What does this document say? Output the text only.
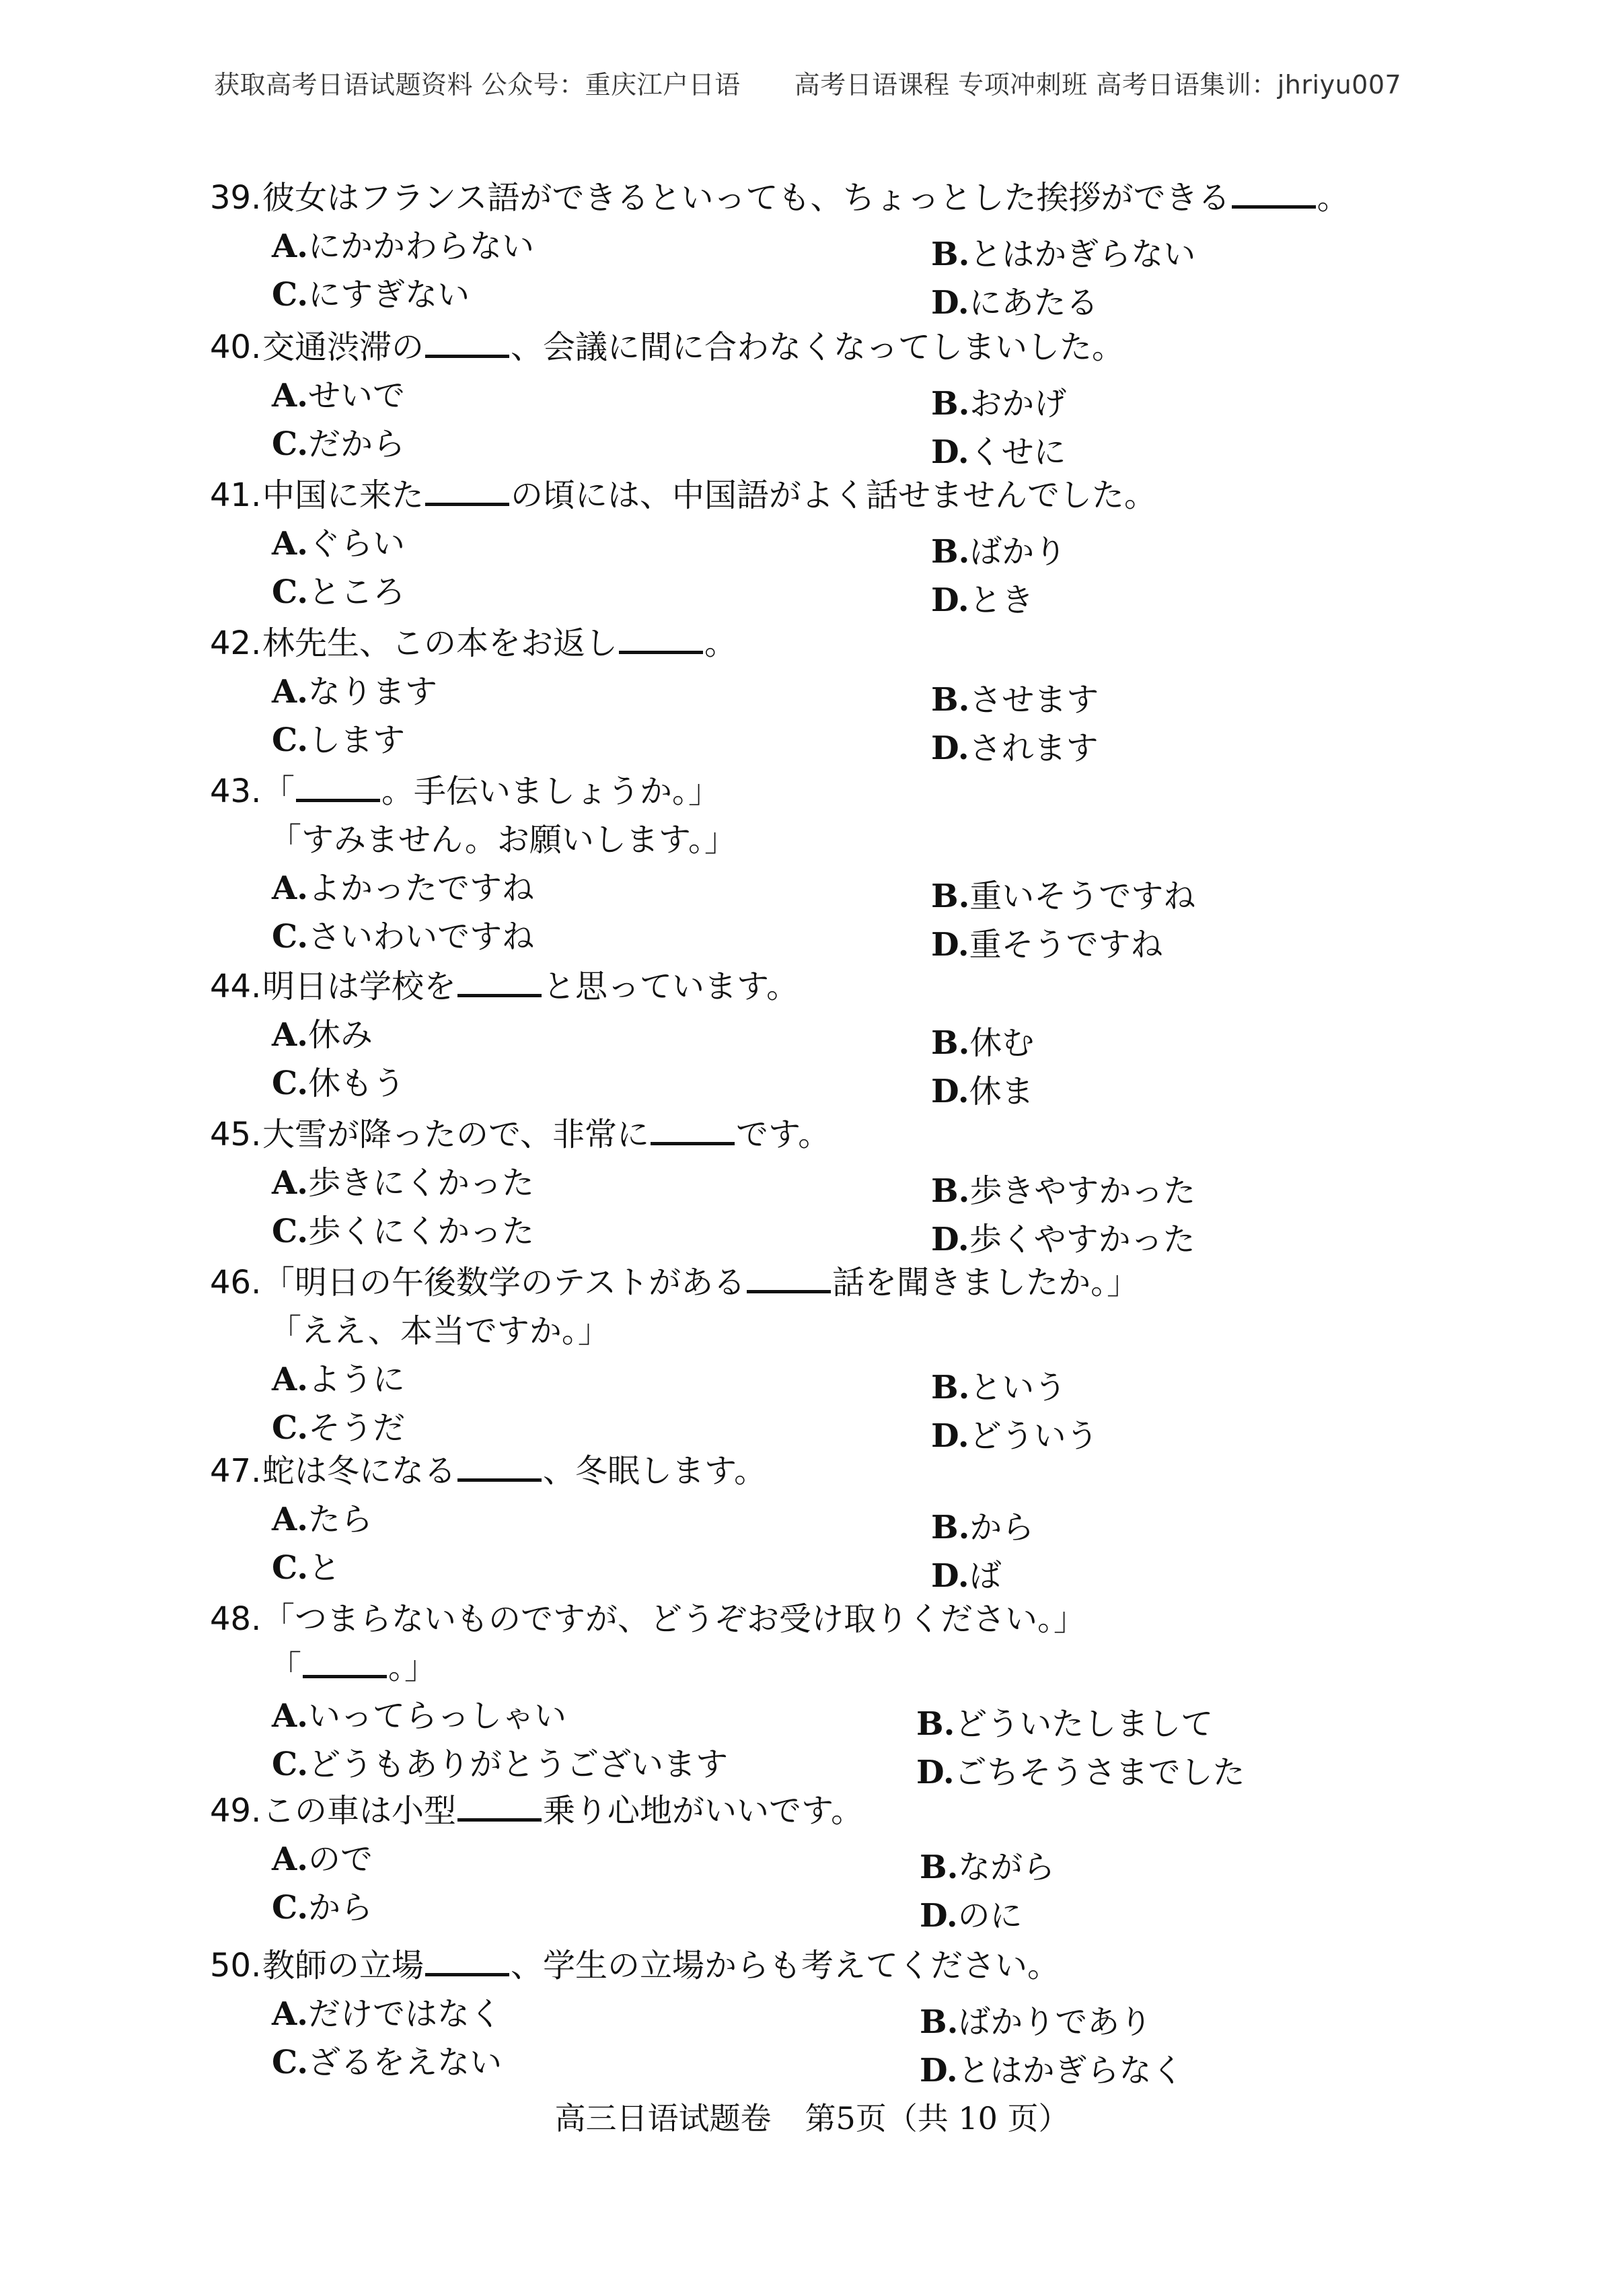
获取高考日语试题资料 公众号：重庆江户日语 高考日语课程 专项冲刺班 高考日语集训：jhriyu007
39.彼女はフランス語ができるといっても、ちょっとした挨拶ができる	。
A.にかかわらない	B.とはかぎらない
C.にすぎない	D.にあたる
40.交通渋滞の	、会議に間に合わなくなってしまいした。
A.せいで	B.おかげ
C.だから	D.くせに
41.中国に来た	の頃には、中国語がよく話せませんでした。
A.ぐらい	B.ばかり
C.ところ	D.とき
42.林先生、この本をお返し	。
A.なります	B.させます
C.します	D.されます
43.「	。手伝いましょうか。」
「すみません。お願いします。」
A.よかったですね	B.重いそうですね
C.さいわいですね	D.重そうですね
44.明日は学校を	と思っています。
A.休み	B.休む
C.休もう	D.休ま
45.大雪が降ったので、非常に	です。
A.歩きにくかった	B.歩きやすかった
C.歩くにくかった	D.歩くやすかった
46.「明日の午後数学のテストがある	話を聞きましたか。」
「ええ、本当ですか。」
A.ように	B.という
C.そうだ	D.どういう
47.蛇は冬になる	、冬眠します。
A.たら	B.から
C.と	D.ば
48.「つまらないものですが、どうぞお受け取りください。」
「	。」
A.いってらっしゃい	B.どういたしまして
C.どうもありがとうございます	D.ごちそうさまでした
49.この車は小型	乗り心地がいいです。
A.ので	B.ながら
C.から	D.のに
50.教師の立場	、学生の立場からも考えてください。
A.だけではなく	B.ばかりであり
C.ざるをえない	D.とはかぎらなく
高三日语试题卷 第5页（共 10 页）
